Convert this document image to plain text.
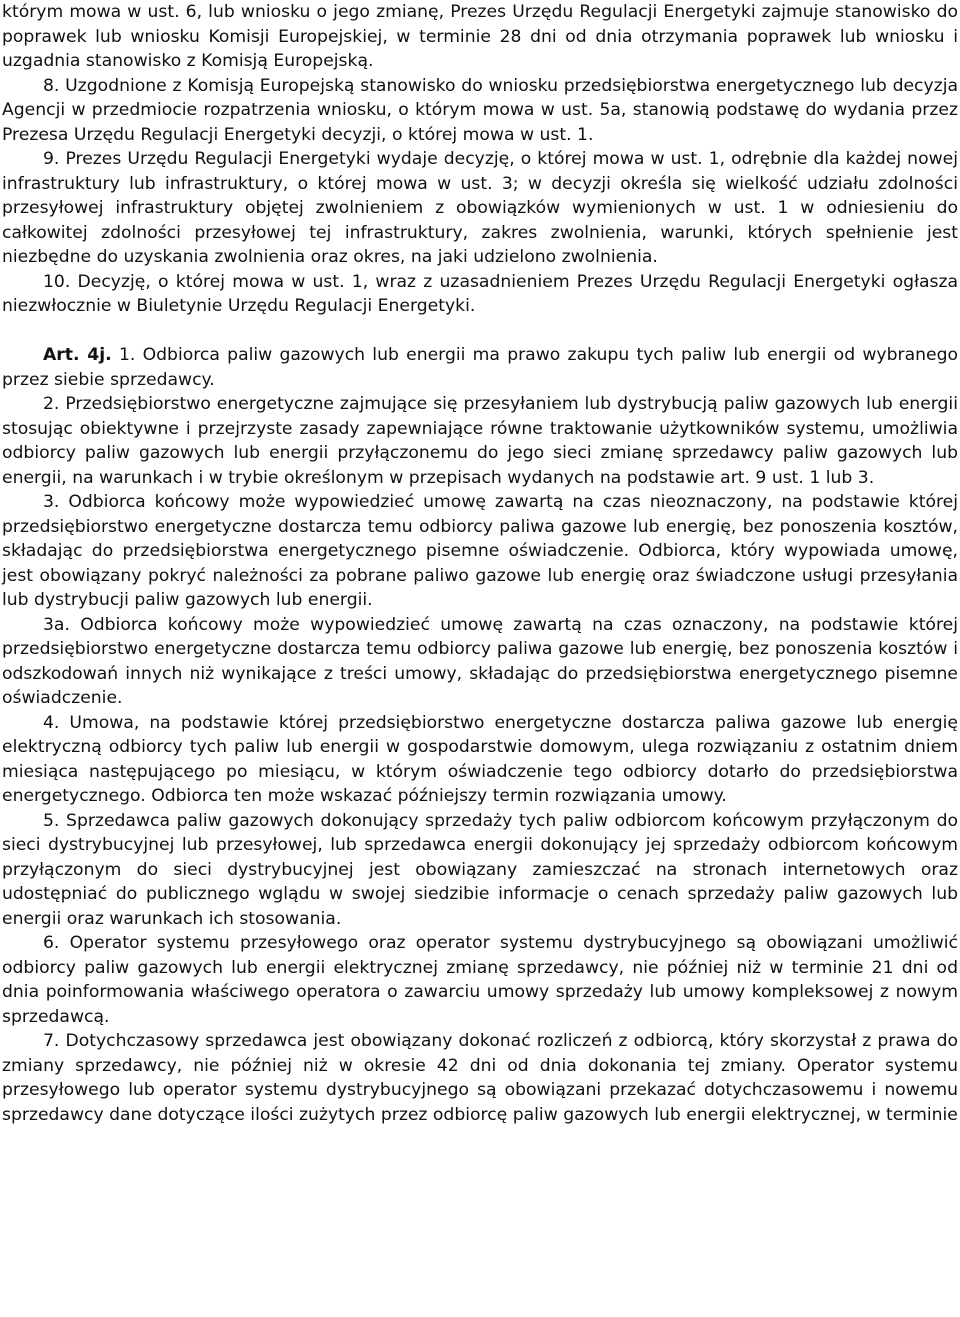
którym mowa w ust. 6, lub wniosku o jego zmianę, Prezes Urzędu Regulacji Energetyki zajmuje stanowisko do poprawek lub wniosku Komisji Europejskiej, w terminie 28 dni od dnia otrzymania poprawek lub wniosku i uzgadnia stanowisko z Komisją Europejską.

8. Uzgodnione z Komisją Europejską stanowisko do wniosku przedsiębiorstwa energetycznego lub decyzja Agencji w przedmiocie rozpatrzenia wniosku, o którym mowa w ust. 5a, stanowią podstawę do wydania przez Prezesa Urzędu Regulacji Energetyki decyzji, o której mowa w ust. 1.

9. Prezes Urzędu Regulacji Energetyki wydaje decyzję, o której mowa w ust. 1, odrębnie dla każdej nowej infrastruktury lub infrastruktury, o której mowa w ust. 3; w decyzji określa się wielkość udziału zdolności przesyłowej infrastruktury objętej zwolnieniem z obowiązków wymienionych w ust. 1 w odniesieniu do całkowitej zdolności przesyłowej tej infrastruktury, zakres zwolnienia, warunki, których spełnienie jest niezbędne do uzyskania zwolnienia oraz okres, na jaki udzielono zwolnienia.

10. Decyzję, o której mowa w ust. 1, wraz z uzasadnieniem Prezes Urzędu Regulacji Energetyki ogłasza niezwłocznie w Biuletynie Urzędu Regulacji Energetyki.

Art. 4j. 1. Odbiorca paliw gazowych lub energii ma prawo zakupu tych paliw lub energii od wybranego przez siebie sprzedawcy.

2. Przedsiębiorstwo energetyczne zajmujące się przesyłaniem lub dystrybucją paliw gazowych lub energii stosując obiektywne i przejrzyste zasady zapewniające równe traktowanie użytkowników systemu, umożliwia odbiorcy paliw gazowych lub energii przyłączonemu do jego sieci zmianę sprzedawcy paliw gazowych lub energii, na warunkach i w trybie określonym w przepisach wydanych na podstawie art. 9 ust. 1 lub 3.

3. Odbiorca końcowy może wypowiedzieć umowę zawartą na czas nieoznaczony, na podstawie której przedsiębiorstwo energetyczne dostarcza temu odbiorcy paliwa gazowe lub energię, bez ponoszenia kosztów, składając do przedsiębiorstwa energetycznego pisemne oświadczenie. Odbiorca, który wypowiada umowę, jest obowiązany pokryć należności za pobrane paliwo gazowe lub energię oraz świadczone usługi przesyłania lub dystrybucji paliw gazowych lub energii.

3a. Odbiorca końcowy może wypowiedzieć umowę zawartą na czas oznaczony, na podstawie której przedsiębiorstwo energetyczne dostarcza temu odbiorcy paliwa gazowe lub energię, bez ponoszenia kosztów i odszkodowań innych niż wynikające z treści umowy, składając do przedsiębiorstwa energetycznego pisemne oświadczenie.

4. Umowa, na podstawie której przedsiębiorstwo energetyczne dostarcza paliwa gazowe lub energię elektryczną odbiorcy tych paliw lub energii w gospodarstwie domowym, ulega rozwiązaniu z ostatnim dniem miesiąca następującego po miesiącu, w którym oświadczenie tego odbiorcy dotarło do przedsiębiorstwa energetycznego. Odbiorca ten może wskazać późniejszy termin rozwiązania umowy.

5. Sprzedawca paliw gazowych dokonujący sprzedaży tych paliw odbiorcom końcowym przyłączonym do sieci dystrybucyjnej lub przesyłowej, lub sprzedawca energii dokonujący jej sprzedaży odbiorcom końcowym przyłączonym do sieci dystrybucyjnej jest obowiązany zamieszczać na stronach internetowych oraz udostępniać do publicznego wglądu w swojej siedzibie informacje o cenach sprzedaży paliw gazowych lub energii oraz warunkach ich stosowania.

6. Operator systemu przesyłowego oraz operator systemu dystrybucyjnego są obowiązani umożliwić odbiorcy paliw gazowych lub energii elektrycznej zmianę sprzedawcy, nie później niż w terminie 21 dni od dnia poinformowania właściwego operatora o zawarciu umowy sprzedaży lub umowy kompleksowej z nowym sprzedawcą.

7. Dotychczasowy sprzedawca jest obowiązany dokonać rozliczeń z odbiorcą, który skorzystał z prawa do zmiany sprzedawcy, nie później niż w okresie 42 dni od dnia dokonania tej zmiany. Operator systemu przesyłowego lub operator systemu dystrybucyjnego są obowiązani przekazać dotychczasowemu i nowemu sprzedawcy dane dotyczące ilości zużytych przez odbiorcę paliw gazowych lub energii elektrycznej, w terminie
